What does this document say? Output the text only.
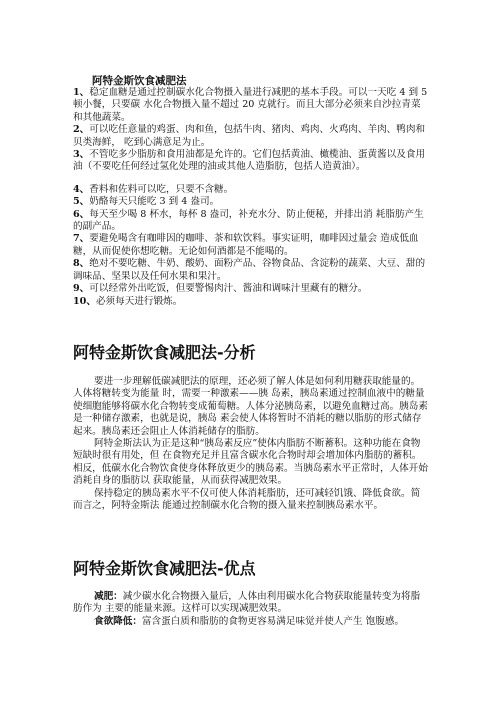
阿特金斯饮食减肥法

1、稳定血糖是通过控制碳水化合物摄入量进行减肥的基本手段。可以一天吃 4 到 5 顿小餐，只要碳 水化合物摄入量不超过 20 克就行。而且大部分必须来自沙拉青菜和其他蔬菜。

2、可以吃任意量的鸡蛋、肉和鱼，包括牛肉、猪肉、鸡肉、火鸡肉、羊肉、鸭肉和 贝类海鲜， 吃到心满意足为止。

3、不管吃多少脂肪和食用油都是允许的。它们包括黄油、橄榄油、蛋黄酱以及食用 油（不要吃任何经过氢化处理的油或其他人造脂肪，包括人造黄油）。

4、香料和佐料可以吃，只要不含糖。

5、奶酪每天只能吃 3 到 4 盎司。

6、每天至少喝 8 杯水，每杯 8 盎司，补充水分、防止便秘，并排出消 耗脂肪产生的副产品。

7、要避免喝含有咖啡因的咖啡、茶和软饮料。事实证明，咖啡因过量会 造成低血糖，从而促使你想吃糖。无论如何酒都是不能喝的。

8、绝对不要吃糖、牛奶、酸奶、面粉产品、谷物食品、含淀粉的蔬菜、大豆、甜的调味品、坚果以及任何水果和果汁。

9、可以经常外出吃饭，但要警惕肉汁、酱油和调味汁里藏有的糖分。

10、必须每天进行锻炼。

阿特金斯饮食减肥法-分析

要进一步理解低碳减肥法的原理，还必须了解人体是如何利用糖获取能量的。人体将糖转变为能量 时，需要一种激素——胰 岛素，胰岛素通过控制血液中的糖量使细胞能够将碳水化合物转变成葡萄糖。人体分泌胰岛素，以避免血糖过高。胰岛素是一种储存激素，也就是说，胰岛 素会使人体将暂时不消耗的糖以脂肪的形式储存起来。胰岛素还会阻止人体消耗储存的脂肪。

阿特金斯法认为正是这种“胰岛素反应”使体内脂肪不断蓄积。这种功能在食物短缺时很有用处，但 在食物充足并且富含碳水化合物时却会增加体内脂肪的蓄积。相反，低碳水化合物饮食使身体释放更少的胰岛素。当胰岛素水平正常时，人体开始消耗自身的脂肪以 获取能量，从而获得减肥效果。

保持稳定的胰岛素水平不仅可使人体消耗脂肪，还可减轻饥饿、降低食欲。简而言之，阿特金斯法 能通过控制碳水化合物的摄入量来控制胰岛素水平。

阿特金斯饮食减肥法-优点

减肥：减少碳水化合物摄入量后，人体由利用碳水化合物获取能量转变为将脂肪作为 主要的能量来源。这样可以实现减肥效果。

食欲降低：富含蛋白质和脂肪的食物更容易满足味觉并使人产生 饱腹感。
